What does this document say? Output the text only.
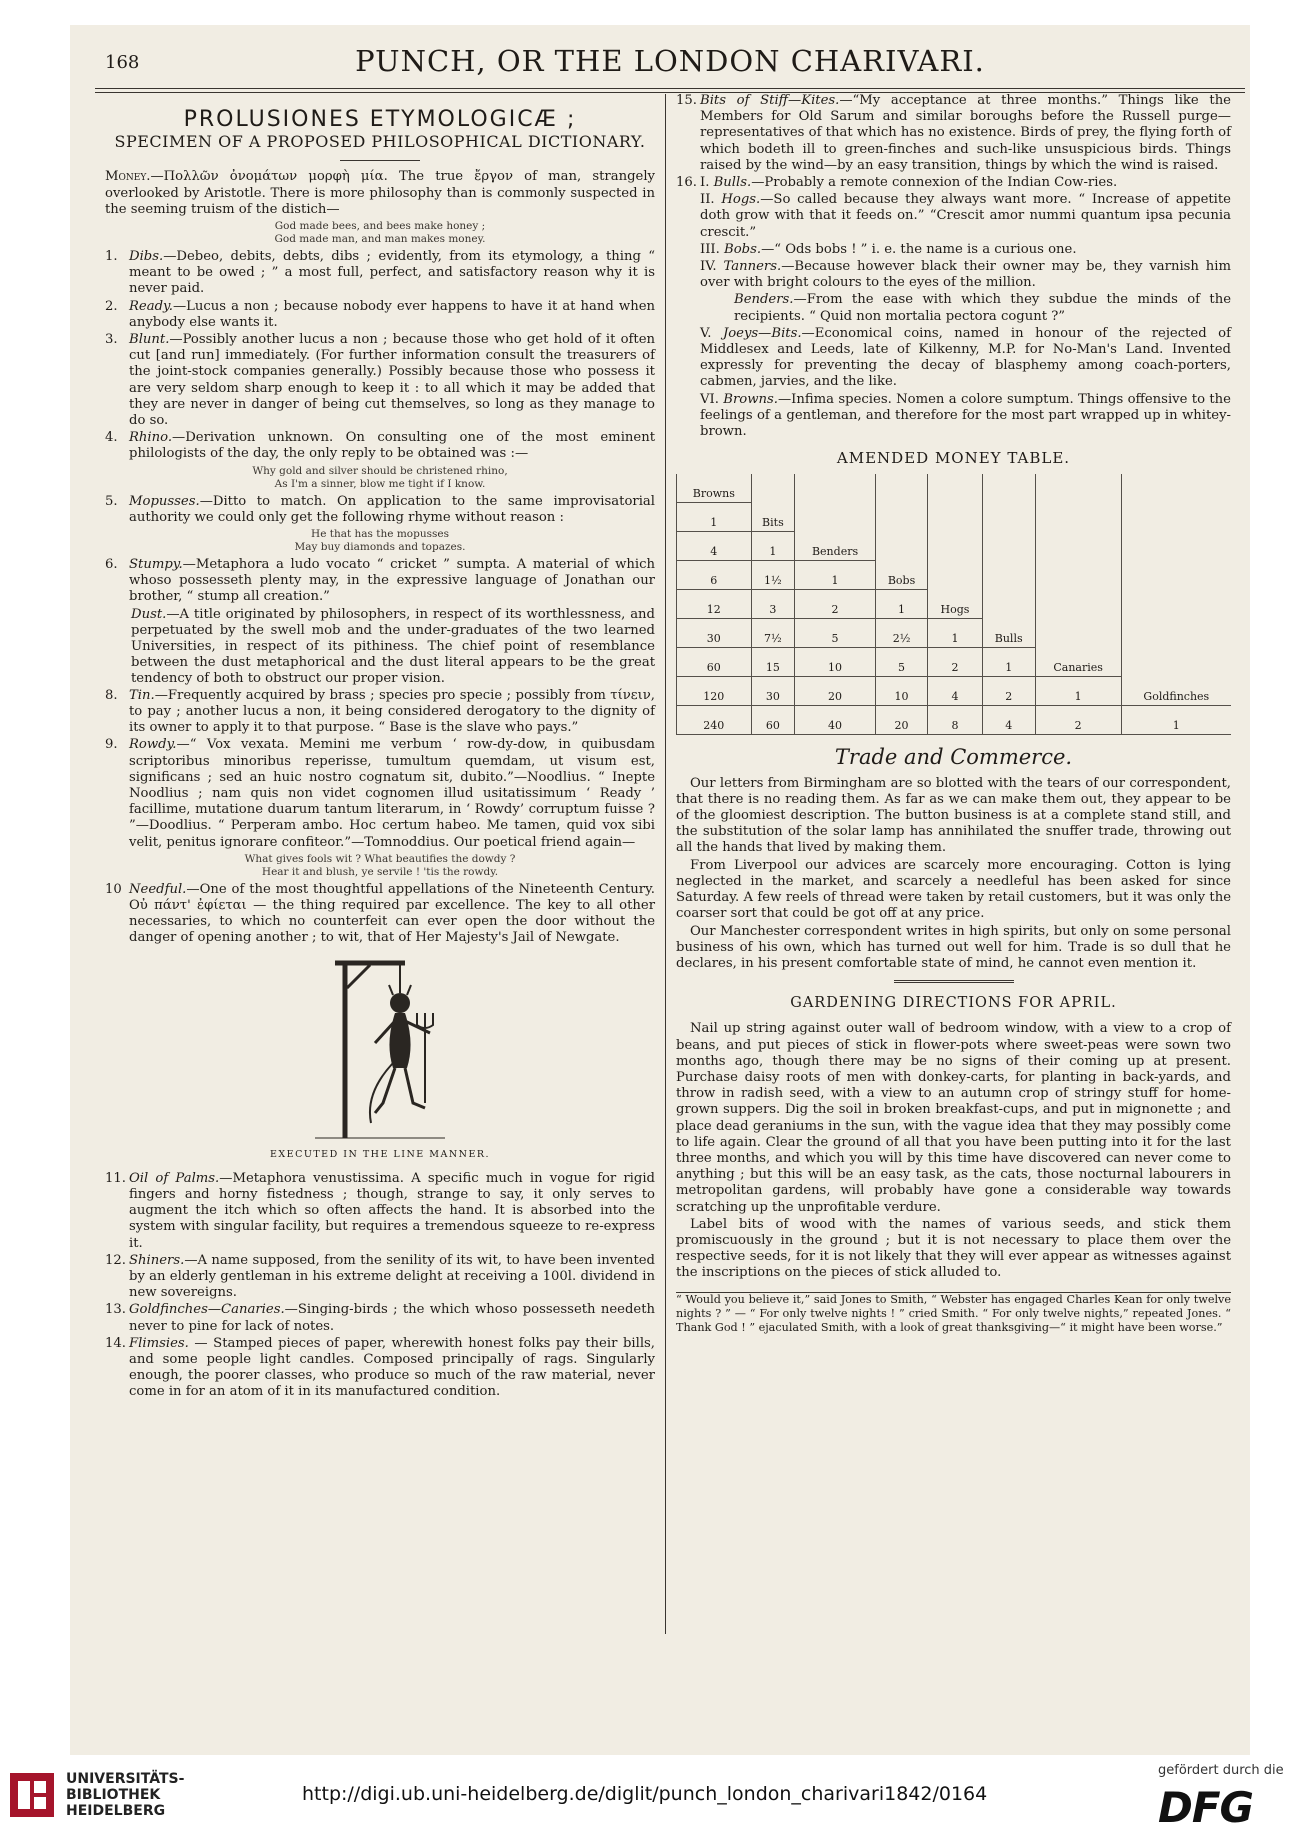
168	PUNCH, OR THE LONDON CHARIVARI.
PROLUSIONES ETYMOLOGICÆ ;
SPECIMEN OF A PROPOSED PHILOSOPHICAL DICTIONARY.

Money.—Πολλῶν ὀνομάτων μορφὴ μία. The true ἔργον of man, strangely overlooked by Aristotle. There is more philosophy than is commonly suspected in the seeming truism of the distich—

God made bees, and bees make honey ;
God made man, and man makes money.
1. Dibs.—Debeo, debits, debts, dibs ; evidently, from its etymology, a thing “ meant to be owed ; ” a most full, perfect, and satisfactory reason why it is never paid.
2. Ready.—Lucus a non ; because nobody ever happens to have it at hand when anybody else wants it.
3. Blunt.—Possibly another lucus a non ; because those who get hold of it often cut [and run] immediately. (For further information consult the treasurers of the joint-stock companies generally.) Possibly because those who possess it are very seldom sharp enough to keep it : to all which it may be added that they are never in danger of being cut themselves, so long as they manage to do so.
4. Rhino.—Derivation unknown. On consulting one of the most eminent philologists of the day, the only reply to be obtained was :—
Why gold and silver should be christened rhino,
As I'm a sinner, blow me tight if I know.
5. Mopusses.—Ditto to match. On application to the same improvisatorial authority we could only get the following rhyme without reason :
He that has the mopusses
May buy diamonds and topazes.
6. Stumpy.—Metaphora a ludo vocato “ cricket ” sumpta. A material of which whoso possesseth plenty may, in the expressive language of Jonathan our brother, “ stump all creation.”
Dust.—A title originated by philosophers, in respect of its worthlessness, and perpetuated by the swell mob and the under-graduates of the two learned Universities, in respect of its pithiness. The chief point of resemblance between the dust metaphorical and the dust literal appears to be the great tendency of both to obstruct our proper vision.
8. Tin.—Frequently acquired by brass ; species pro specie ; possibly from τίνειν, to pay ; another lucus a non, it being considered derogatory to the dignity of its owner to apply it to that purpose. “ Base is the slave who pays.”
9. Rowdy.—“ Vox vexata. Memini me verbum ‘ row-dy-dow, in quibusdam scriptoribus minoribus reperisse, tumultum quemdam, ut visum est, significans ; sed an huic nostro cognatum sit, dubito.”—Noodlius. “ Inepte Noodlius ; nam quis non videt cognomen illud usitatissimum ‘ Ready ’ facillime, mutatione duarum tantum literarum, in ‘ Rowdy’ corruptum fuisse ? ”—Doodlius. “ Perperam ambo. Hoc certum habeo. Me tamen, quid vox sibi velit, penitus ignorare confiteor.”—Tomnoddius. Our poetical friend again—
What gives fools wit ? What beautifies the dowdy ?
Hear it and blush, ye servile ! 'tis the rowdy.
10 Needful.—One of the most thoughtful appellations of the Nineteenth Century. Οὐ πάντ' ἐφίεται — the thing required par excellence. The key to all other necessaries, to which no counterfeit can ever open the door without the danger of opening another ; to wit, that of Her Majesty's Jail of Newgate.
EXECUTED IN THE LINE MANNER.
11. Oil of Palms.—Metaphora venustissima. A specific much in vogue for rigid fingers and horny fistedness ; though, strange to say, it only serves to augment the itch which so often affects the hand. It is absorbed into the system with singular facility, but requires a tremendous squeeze to re-express it.
12. Shiners.—A name supposed, from the senility of its wit, to have been invented by an elderly gentleman in his extreme delight at receiving a 100l. dividend in new sovereigns.
13. Goldfinches—Canaries.—Singing-birds ; the which whoso possesseth needeth never to pine for lack of notes.
14. Flimsies. — Stamped pieces of paper, wherewith honest folks pay their bills, and some people light candles. Composed principally of rags. Singularly enough, the poorer classes, who produce so much of the raw material, never come in for an atom of it in its manufactured condition.
15. Bits of Stiff—Kites.—“My acceptance at three months.” Things like the Members for Old Sarum and similar boroughs before the Russell purge—representatives of that which has no existence. Birds of prey, the flying forth of which bodeth ill to green-finches and such-like unsuspicious birds. Things raised by the wind—by an easy transition, things by which the wind is raised.
16. I. Bulls.—Probably a remote connexion of the Indian Cow-ries.
II. Hogs.—So called because they always want more. “ Increase of appetite doth grow with that it feeds on.” “Crescit amor nummi quantum ipsa pecunia crescit.”
III. Bobs.—“ Ods bobs ! ” i. e. the name is a curious one.
IV. Tanners.—Because however black their owner may be, they varnish him over with bright colours to the eyes of the million.
Benders.—From the ease with which they subdue the minds of the recipients. “ Quid non mortalia pectora cogunt ?”
V. Joeys—Bits.—Economical coins, named in honour of the rejected of Middlesex and Leeds, late of Kilkenny, M.P. for No-Man's Land. Invented expressly for preventing the decay of blasphemy among coach-porters, cabmen, jarvies, and the like.
VI. Browns.—Infima species. Nomen a colore sumptum. Things offensive to the feelings of a gentleman, and therefore for the most part wrapped up in whitey-brown.
AMENDED MONEY TABLE.
Browns							
1	Bits						
4	1	Benders					
6	1½	1	Bobs				
12	3	2	1	Hogs			
30	7½	5	2½	1	Bulls		
60	15	10	5	2	1	Canaries	
120	30	20	10	4	2	1	Goldfinches
240	60	40	20	8	4	2	1
Trade and Commerce.

Our letters from Birmingham are so blotted with the tears of our correspondent, that there is no reading them. As far as we can make them out, they appear to be of the gloomiest description. The button business is at a complete stand still, and the substitution of the solar lamp has annihilated the snuffer trade, throwing out all the hands that lived by making them.

From Liverpool our advices are scarcely more encouraging. Cotton is lying neglected in the market, and scarcely a needleful has been asked for since Saturday. A few reels of thread were taken by retail customers, but it was only the coarser sort that could be got off at any price.

Our Manchester correspondent writes in high spirits, but only on some personal business of his own, which has turned out well for him. Trade is so dull that he declares, in his present comfortable state of mind, he cannot even mention it.

GARDENING DIRECTIONS FOR APRIL.

Nail up string against outer wall of bedroom window, with a view to a crop of beans, and put pieces of stick in flower-pots where sweet-peas were sown two months ago, though there may be no signs of their coming up at present. Purchase daisy roots of men with donkey-carts, for planting in back-yards, and throw in radish seed, with a view to an autumn crop of stringy stuff for home-grown suppers. Dig the soil in broken breakfast-cups, and put in mignonette ; and place dead geraniums in the sun, with the vague idea that they may possibly come to life again. Clear the ground of all that you have been putting into it for the last three months, and which you will by this time have discovered can never come to anything ; but this will be an easy task, as the cats, those nocturnal labourers in metropolitan gardens, will probably have gone a considerable way towards scratching up the unprofitable verdure.

Label bits of wood with the names of various seeds, and stick them promiscuously in the ground ; but it is not necessary to place them over the respective seeds, for it is not likely that they will ever appear as witnesses against the inscriptions on the pieces of stick alluded to.

“ Would you believe it,” said Jones to Smith, “ Webster has engaged Charles Kean for only twelve nights ? ” — “ For only twelve nights ! ” cried Smith. “ For only twelve nights,” repeated Jones. “ Thank God ! ” ejaculated Smith, with a look of great thanksgiving—“ it might have been worse.”

UNIVERSITÄTS-
BIBLIOTHEK
HEIDELBERG
http://digi.ub.uni-heidelberg.de/diglit/punch_london_charivari1842/0164
gefördert durch die
DFG
